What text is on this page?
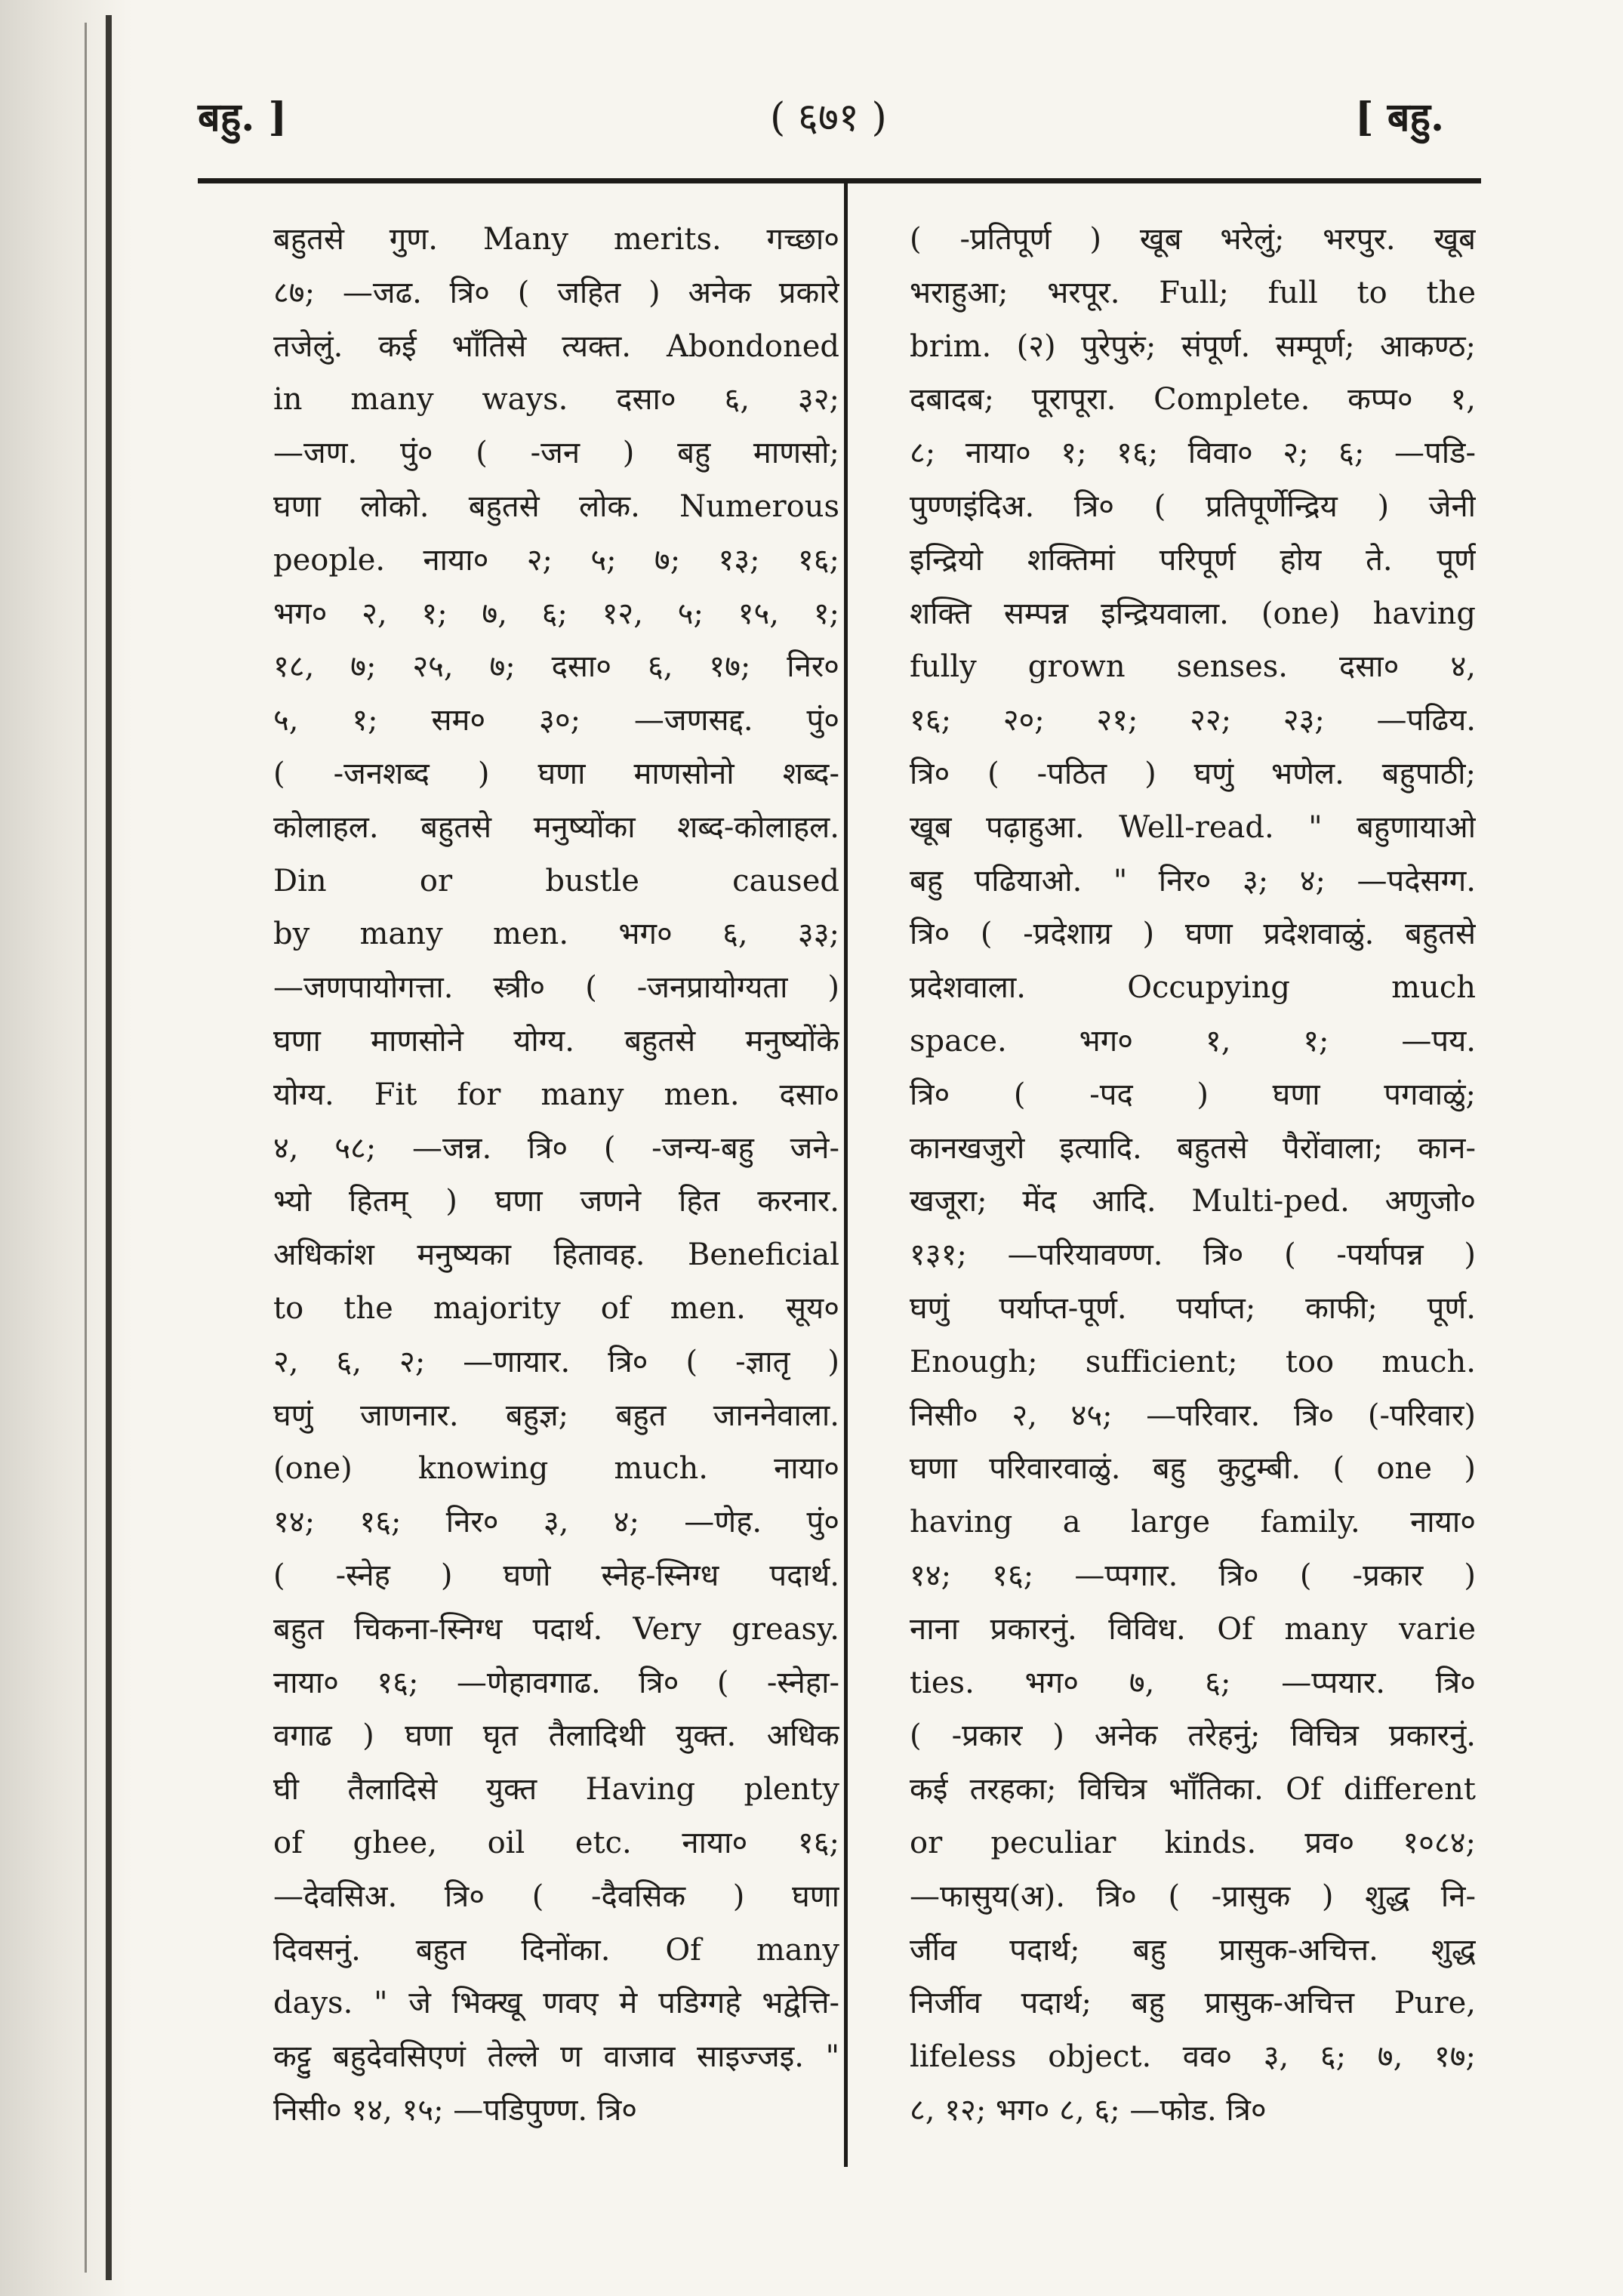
बहु. ]	( ६७१ )	[ बहु.
बहुतसे गुण. Many merits. गच्छा०
८७; —जढ. त्रि० ( जहित ) अनेक प्रकारे
तजेलुं. कई भाँतिसे त्यक्त. Abondoned
in many ways. दसा० ६, ३२;
—जण. पुं० ( -जन ) बहु माणसो;
घणा लोको. बहुतसे लोक. Numerous
people. नाया० २; ५; ७; १३; १६;
भग० २, १; ७, ६; १२, ५; १५, १;
१८, ७; २५, ७; दसा० ६, १७; निर०
५, १; सम० ३०; —जणसद्द. पुं०
( -जनशब्द ) घणा माणसोनो शब्द-
कोलाहल. बहुतसे मनुष्योंका शब्द-कोलाहल.
Din or bustle caused
by many men. भग० ६, ३३;
—जणपायोगत्ता. स्त्री० ( -जनप्रायोग्यता )
घणा माणसोने योग्य. बहुतसे मनुष्योंके
योग्य. Fit for many men. दसा०
४, ५८; —जन्न. त्रि० ( -जन्य-बहु जने-
भ्यो हितम् ) घणा जणने हित करनार.
अधिकांश मनुष्यका हितावह. Beneficial
to the majority of men. सूय०
२, ६, २; —णायार. त्रि० ( -ज्ञातृ )
घणुं जाणनार. बहुज्ञ; बहुत जाननेवाला.
(one) knowing much. नाया०
१४; १६; निर० ३, ४; —णेह. पुं०
( -स्नेह ) घणो स्नेह-स्निग्ध पदार्थ.
बहुत चिकना-स्निग्ध पदार्थ. Very greasy.
नाया० १६; —णेहावगाढ. त्रि० ( -स्नेहा-
वगाढ ) घणा घृत तैलादिथी युक्त. अधिक
घी तैलादिसे युक्त Having plenty
of ghee, oil etc. नाया० १६;
—देवसिअ. त्रि० ( -दैवसिक ) घणा
दिवसनुं. बहुत दिनोंका. Of many
days. " जे भिक्खू णवए मे पडिग्गहे भद्वेत्ति-
कट्टु बहुदेवसिएणं तेल्ले ण वाजाव साइज्जइ. "
निसी० १४, १५; —पडिपुण्ण. त्रि०
( -प्रतिपूर्ण ) खूब भरेलुं; भरपुर. खूब
भराहुआ; भरपूर. Full; full to the
brim. (२) पुरेपुरुं; संपूर्ण. सम्पूर्ण; आकण्ठ;
दबादब; पूरापूरा. Complete. कप्प० १,
८; नाया० १; १६; विवा० २; ६; —पडि-
पुण्णइंदिअ. त्रि० ( प्रतिपूर्णेन्द्रिय ) जेनी
इन्द्रियो शक्तिमां परिपूर्ण होय ते. पूर्ण
शक्ति सम्पन्न इन्द्रियवाला. (one) having
fully grown senses. दसा० ४,
१६; २०; २१; २२; २३; —पढिय.
त्रि० ( -पठित ) घणुं भणेल. बहुपाठी;
खूब पढ़ाहुआ. Well-read. " बहुणायाओ
बहु पढियाओ. " निर० ३; ४; —पदेसग्ग.
त्रि० ( -प्रदेशाग्र ) घणा प्रदेशवाळुं. बहुतसे
प्रदेशवाला. Occupying much
space. भग० १, १; —पय.
त्रि० ( -पद ) घणा पगवाळुं;
कानखजुरो इत्यादि. बहुतसे पैरोंवाला; कान-
खजूरा; मेंद आदि. Multi-ped. अणुजो०
१३१; —परियावण्ण. त्रि० ( -पर्यापन्न )
घणुं पर्याप्त-पूर्ण. पर्याप्त; काफी; पूर्ण.
Enough; sufficient; too much.
निसी० २, ४५; —परिवार. त्रि० (-परिवार)
घणा परिवारवाळुं. बहु कुटुम्बी. ( one )
having a large family. नाया०
१४; १६; —प्पगार. त्रि० ( -प्रकार )
नाना प्रकारनुं. विविध. Of many varie
ties. भग० ७, ६; —प्पयार. त्रि०
( -प्रकार ) अनेक तरेहनुं; विचित्र प्रकारनुं.
कई तरहका; विचित्र भाँतिका. Of different
or peculiar kinds. प्रव० १०८४;
—फासुय(अ). त्रि० ( -प्रासुक ) शुद्ध नि-
र्जीव पदार्थ; बहु प्रासुक-अचित्त. शुद्ध
निर्जीव पदार्थ; बहु प्रासुक-अचित्त Pure,
lifeless object. वव० ३, ६; ७, १७;
८, १२; भग० ८, ६; —फोड. त्रि०
